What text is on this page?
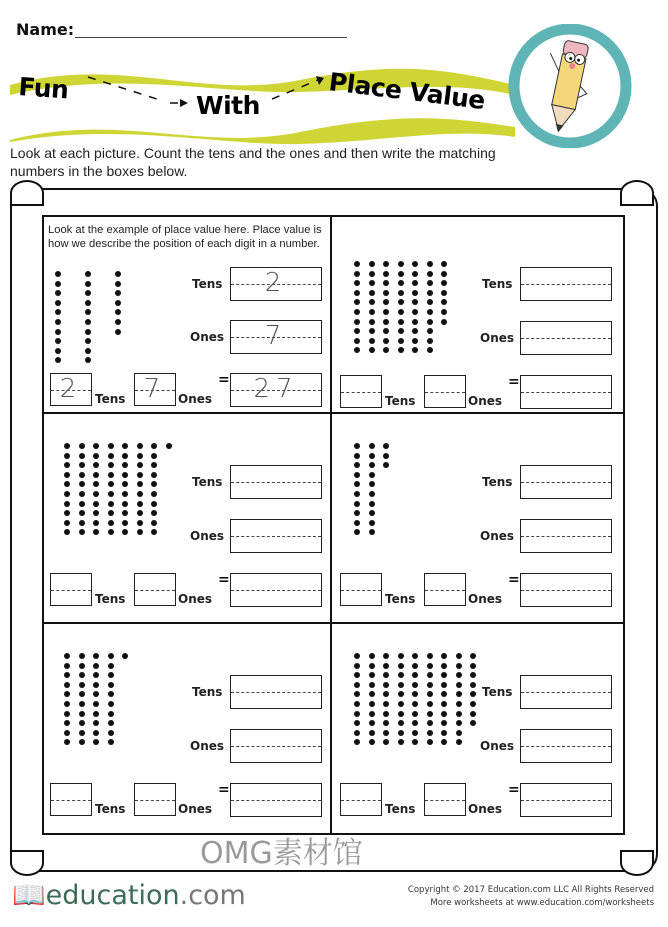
Name:
Fun
With	Place Value
Look at each picture. Count the tens and the ones and then write the matching numbers in the boxes below.
Look at the example of place value here. Place value is how we describe the position of each digit in a number.
Tens	2
Ones	7
2	Tens 7 Ones
= 27
Tens
Ones
Tens	Ones
=
Tens
Ones
Tens	Ones
=
Tens
Ones
Tens	Ones
=
Tens
Ones
Tens	Ones
=
Tens
Ones
Tens	Ones
=
OMG素材馆
📖education.com	Copyright © 2017 Education.com LLC All Rights Reserved
More worksheets at www.education.com/worksheets
